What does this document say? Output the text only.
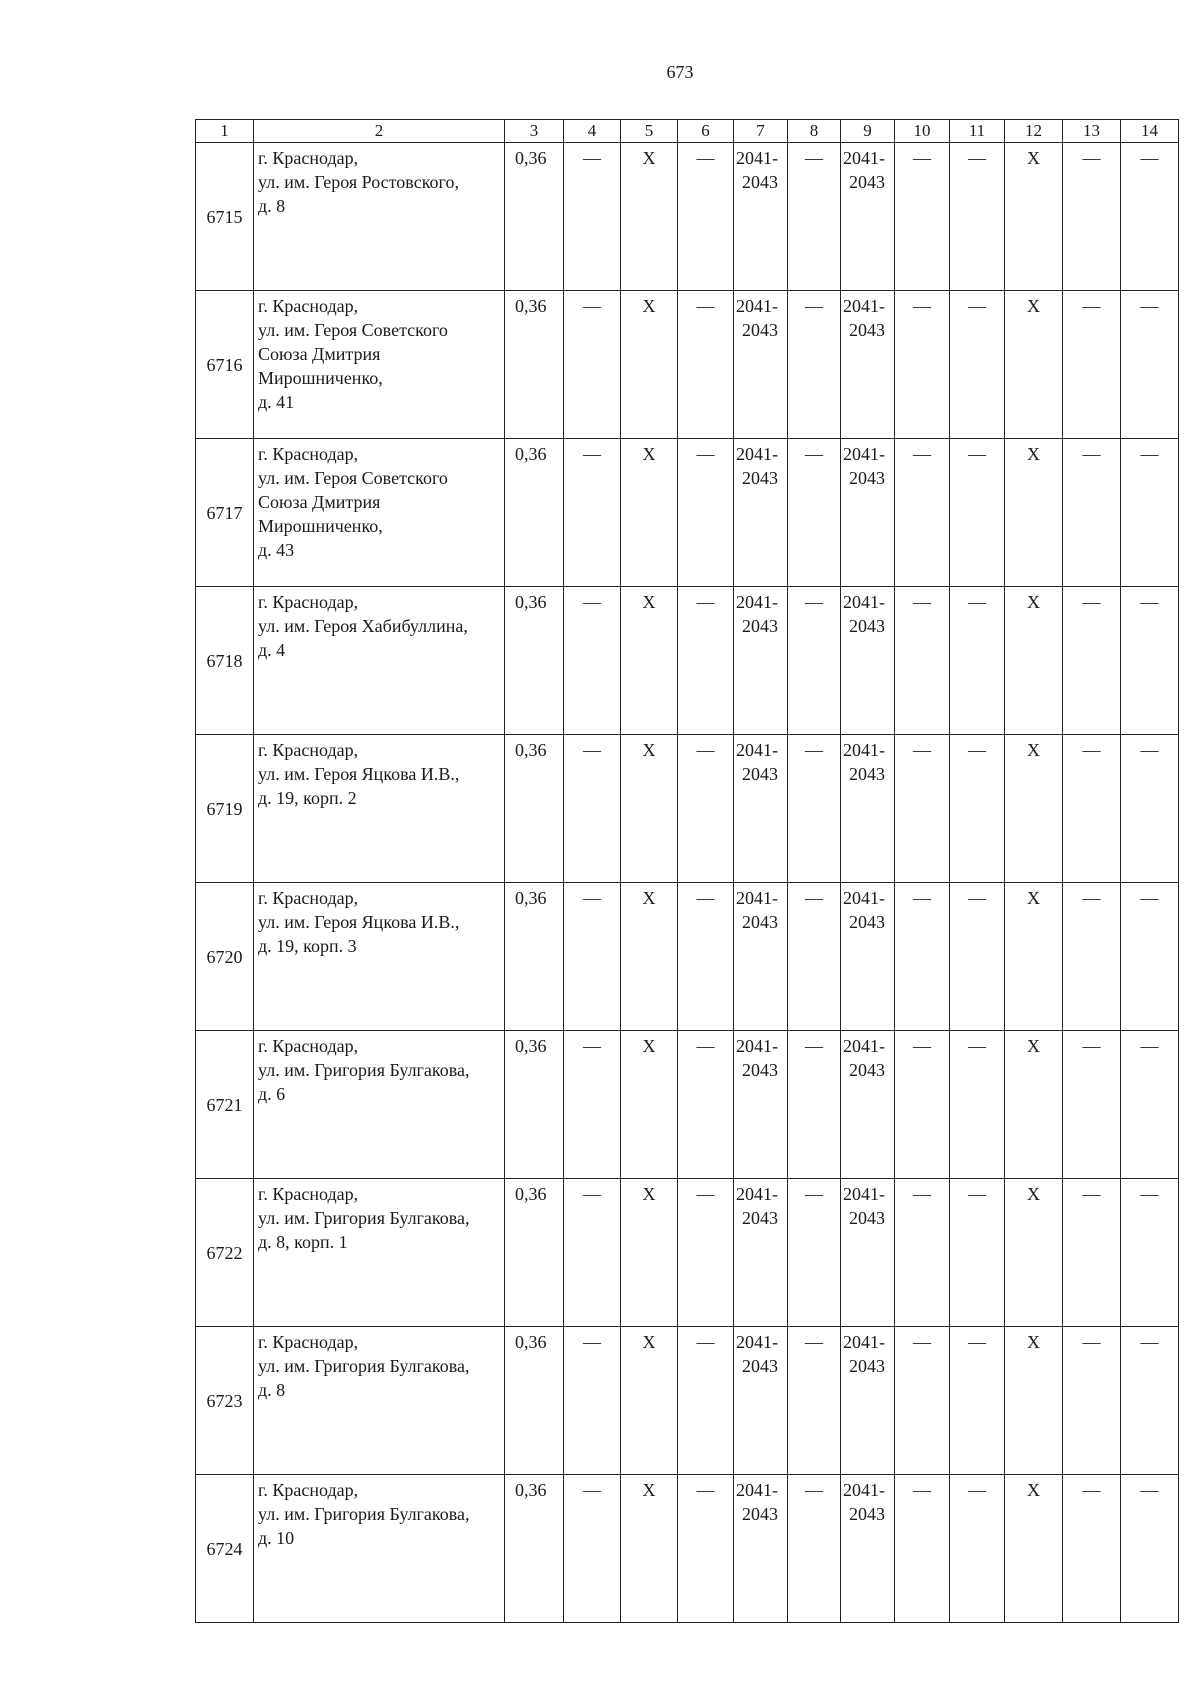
673
1	2	3	4	5	6	7	8	9	10	11	12	13	14
6715	г. Краснодар,
ул. им. Героя Ростовского,
д. 8	0,36	—	X	—	2041-
2043	—	2041-
2043	—	—	X	—	—
6716	г. Краснодар,
ул. им. Героя Советского
Союза Дмитрия
Мирошниченко,
д. 41	0,36	—	X	—	2041-
2043	—	2041-
2043	—	—	X	—	—
6717	г. Краснодар,
ул. им. Героя Советского
Союза Дмитрия
Мирошниченко,
д. 43	0,36	—	X	—	2041-
2043	—	2041-
2043	—	—	X	—	—
6718	г. Краснодар,
ул. им. Героя Хабибуллина,
д. 4	0,36	—	X	—	2041-
2043	—	2041-
2043	—	—	X	—	—
6719	г. Краснодар,
ул. им. Героя Яцкова И.В.,
д. 19, корп. 2	0,36	—	X	—	2041-
2043	—	2041-
2043	—	—	X	—	—
6720	г. Краснодар,
ул. им. Героя Яцкова И.В.,
д. 19, корп. 3	0,36	—	X	—	2041-
2043	—	2041-
2043	—	—	X	—	—
6721	г. Краснодар,
ул. им. Григория Булгакова,
д. 6	0,36	—	X	—	2041-
2043	—	2041-
2043	—	—	X	—	—
6722	г. Краснодар,
ул. им. Григория Булгакова,
д. 8, корп. 1	0,36	—	X	—	2041-
2043	—	2041-
2043	—	—	X	—	—
6723	г. Краснодар,
ул. им. Григория Булгакова,
д. 8	0,36	—	X	—	2041-
2043	—	2041-
2043	—	—	X	—	—
6724	г. Краснодар,
ул. им. Григория Булгакова,
д. 10	0,36	—	X	—	2041-
2043	—	2041-
2043	—	—	X	—	—
